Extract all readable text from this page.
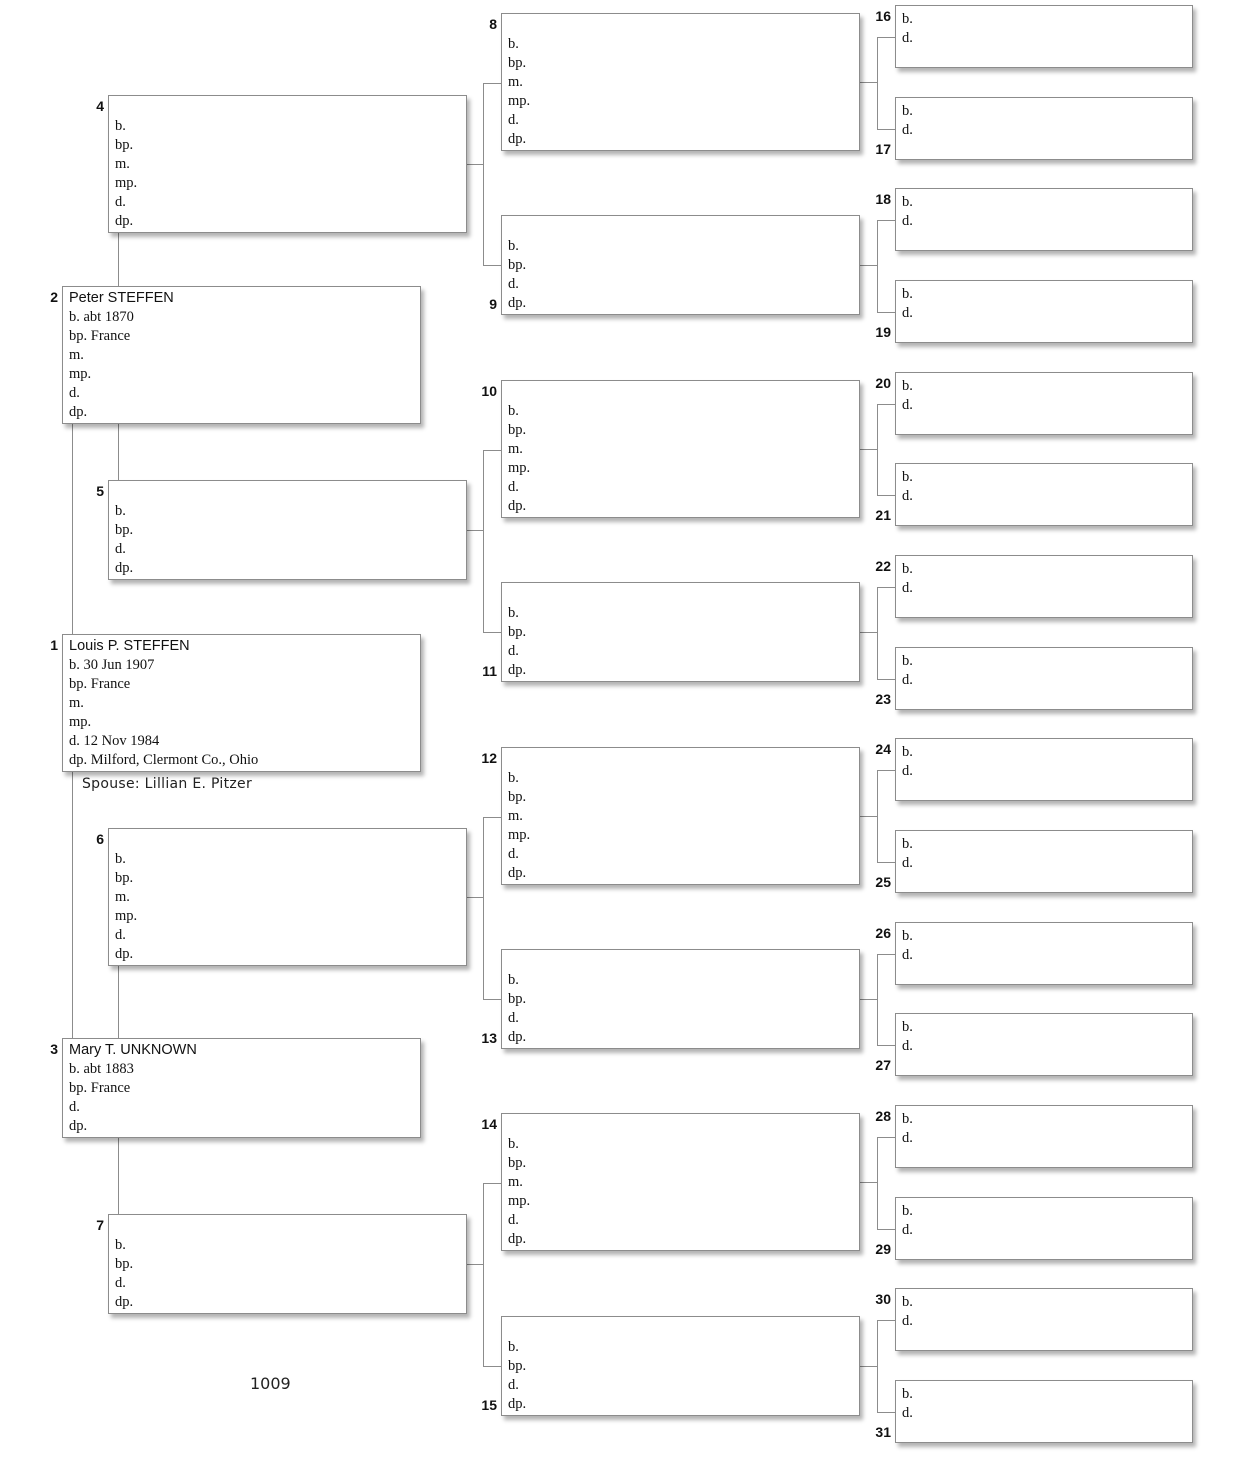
Spouse: Lillian E. Pitzer
1009
Louis P. STEFFEN
b. 30 Jun 1907
bp. France
m.
mp.
d. 12 Nov 1984
dp. Milford, Clermont Co., Ohio
1
Peter STEFFEN
b. abt 1870
bp. France
m.
mp.
d.
dp.
2
Mary T. UNKNOWN
b. abt 1883
bp. France
d.
dp.
3
b.
bp.
m.
mp.
d.
dp.
4
b.
bp.
d.
dp.
5
b.
bp.
m.
mp.
d.
dp.
6
b.
bp.
d.
dp.
7
b.
bp.
m.
mp.
d.
dp.
8
b.
bp.
d.
dp.
9
b.
bp.
m.
mp.
d.
dp.
10
b.
bp.
d.
dp.
11
b.
bp.
m.
mp.
d.
dp.
12
b.
bp.
d.
dp.
13
b.
bp.
m.
mp.
d.
dp.
14
b.
bp.
d.
dp.
15
b.
d.
16
b.
d.
17
b.
d.
18
b.
d.
19
b.
d.
20
b.
d.
21
b.
d.
22
b.
d.
23
b.
d.
24
b.
d.
25
b.
d.
26
b.
d.
27
b.
d.
28
b.
d.
29
b.
d.
30
b.
d.
31
